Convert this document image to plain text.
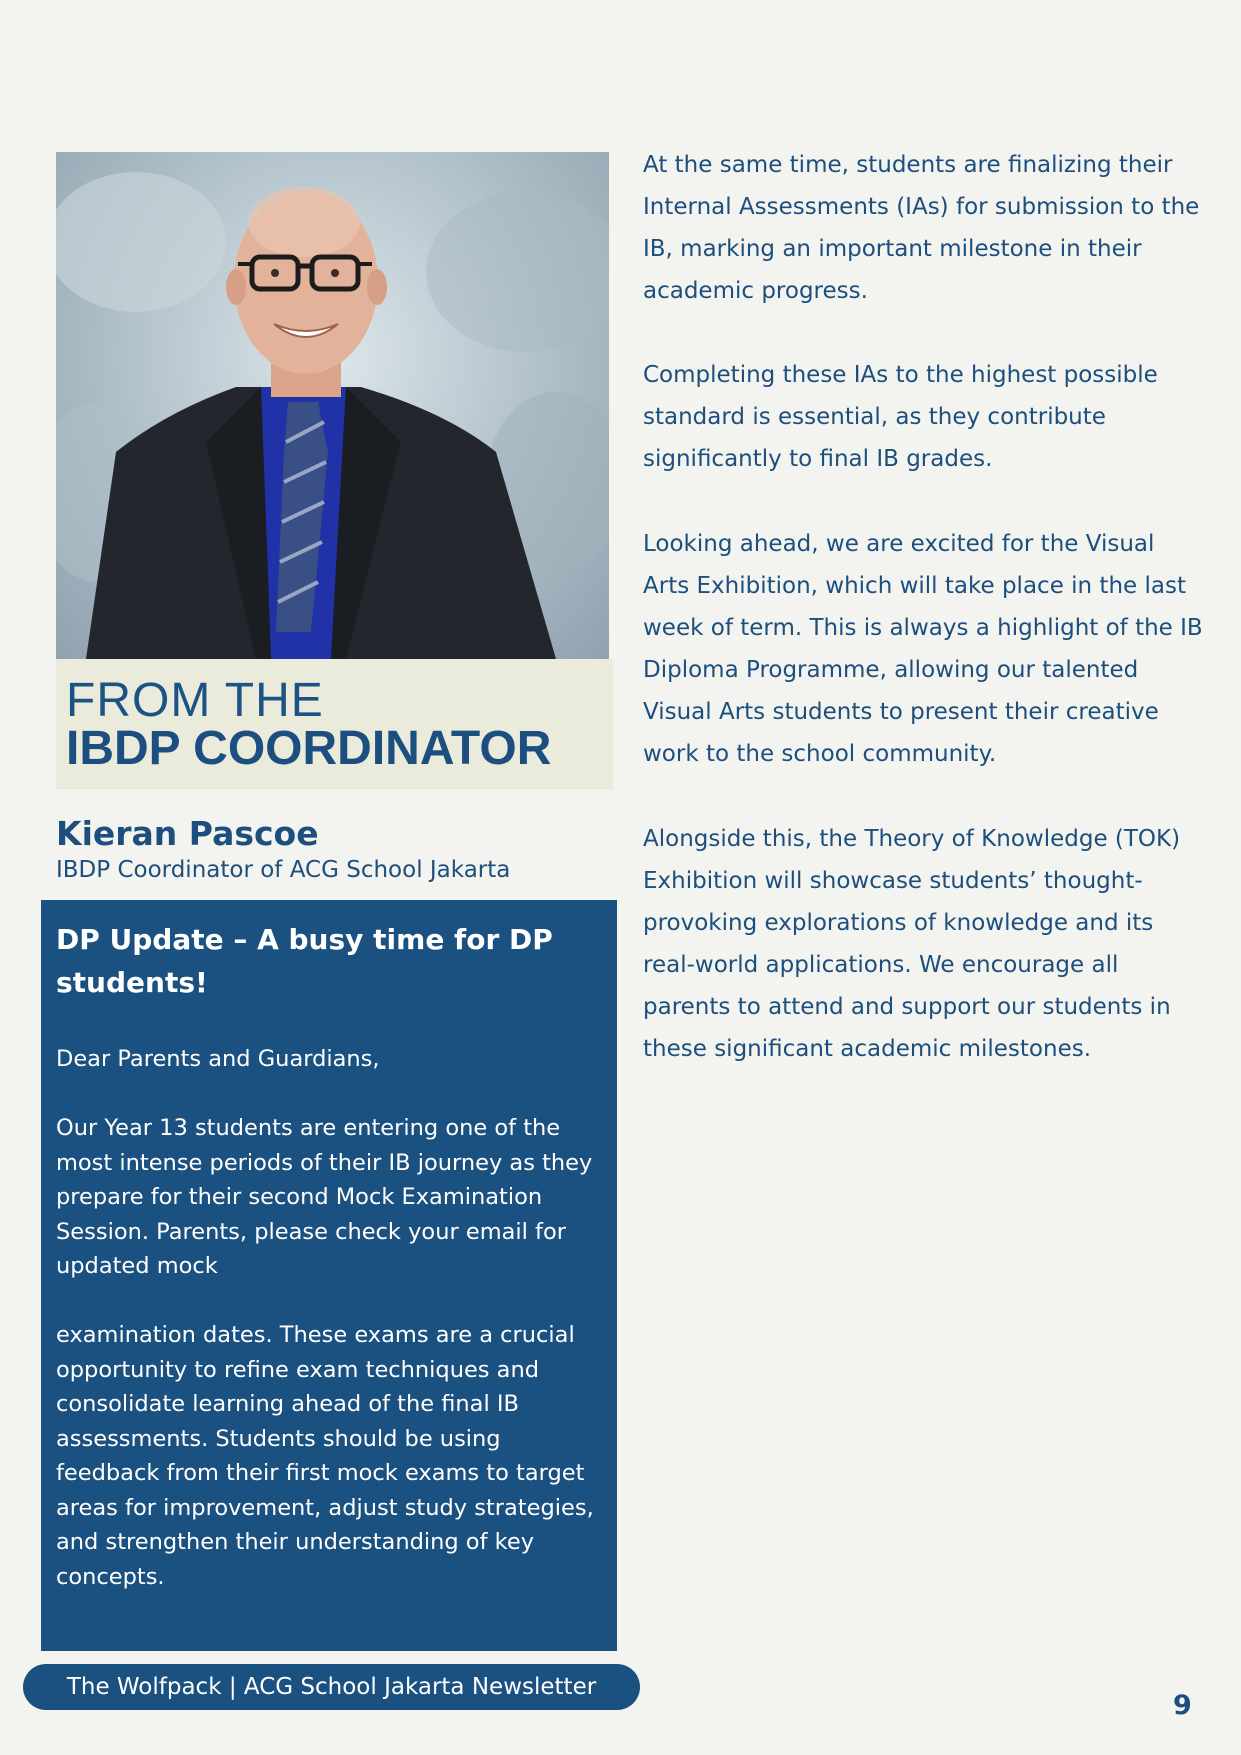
FROM THE
IBDP COORDINATOR
Kieran Pascoe
IBDP Coordinator of ACG School Jakarta
DP Update – A busy time for DP students!
Dear Parents and Guardians,
Our Year 13 students are entering one of the most intense periods of their IB journey as they prepare for their second Mock Examination Session. Parents, please check your email for updated mock
examination dates. These exams are a crucial opportunity to refine exam techniques and consolidate learning ahead of the final IB assessments. Students should be using feedback from their first mock exams to target areas for improvement, adjust study strategies, and strengthen their understanding of key concepts.
At the same time, students are finalizing their Internal Assessments (IAs) for submission to the IB, marking an important milestone in their academic progress.
Completing these IAs to the highest possible standard is essential, as they contribute significantly to final IB grades.
Looking ahead, we are excited for the Visual Arts Exhibition, which will take place in the last week of term. This is always a highlight of the IB Diploma Programme, allowing our talented Visual Arts students to present their creative work to the school community.
Alongside this, the Theory of Knowledge (TOK) Exhibition will showcase students’ thought-provoking explorations of knowledge and its real-world applications. We encourage all parents to attend and support our students in these significant academic milestones.
The Wolfpack | ACG School Jakarta Newsletter
9
